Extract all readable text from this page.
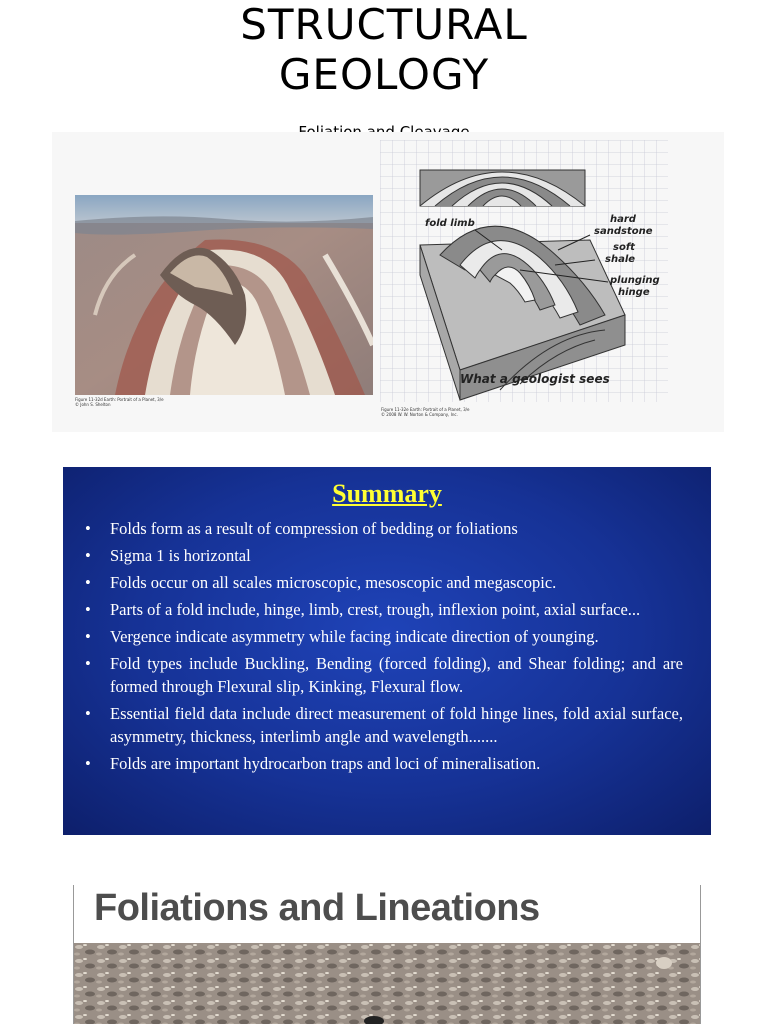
STRUCTURAL
GEOLOGY

Figure 11-32d Earth: Portrait of a Planet, 3/e
© John S. Shelton
fold limb	hard
sandstone
soft
shale
plunging
hinge
What a geologist sees
Figure 11-32e Earth: Portrait of a Planet, 3/e
© 2008 W. W. Norton & Company, Inc.
Summary
• Folds form as a result of compression of bedding or foliations
• Sigma 1 is horizontal
• Folds occur on all scales microscopic, mesoscopic and megascopic.
• Parts of a fold include, hinge, limb, crest, trough, inflexion point, axial surface...
• Vergence indicate asymmetry while facing indicate direction of younging.
• Fold types include Buckling, Bending (forced folding), and Shear folding; and are formed through Flexural slip, Kinking, Flexural flow.
• Essential field data include direct measurement of fold hinge lines, fold axial surface, asymmetry, thickness, interlimb angle and wavelength.......
• Folds are important hydrocarbon traps and loci of mineralisation.
Foliations and Lineations
